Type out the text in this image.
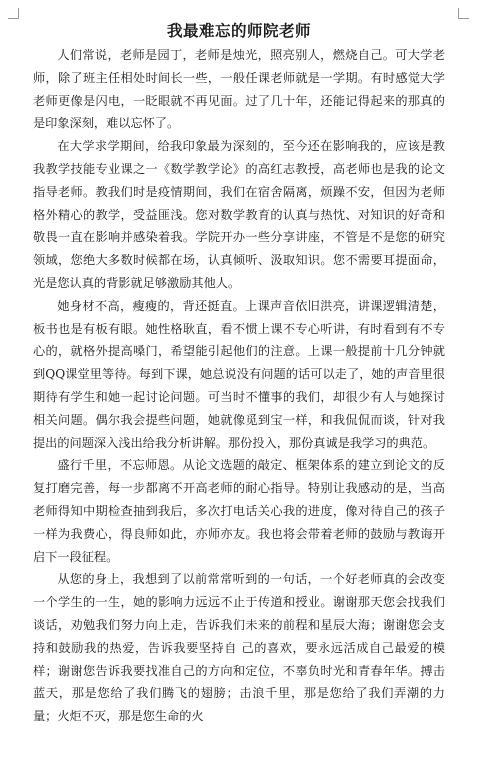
我最难忘的师院老师

人们常说，老师是园丁，老师是烛光，照亮别人，燃烧自己。可大学老师，除了班主任相处时间长一些，一般任课老师就是一学期。有时感觉大学老师更像是闪电，一眨眼就不再见面。过了几十年，还能记得起来的那真的是印象深刻，难以忘怀了。

在大学求学期间，给我印象最为深刻的，至今还在影响我的，应该是教我教学技能专业课之一《数学教学论》的高红志教授，高老师也是我的论文指导老师。教我们时是疫情期间，我们在宿舍隔离，烦躁不安，但因为老师格外精心的教学，受益匪浅。您对数学教育的认真与热忱、对知识的好奇和敬畏一直在影响并感染着我。学院开办一些分享讲座，不管是不是您的研究领域，您绝大多数时候都在场，认真倾听、汲取知识。您不需要耳提面命，光是您认真的背影就足够激励其他人。

她身材不高，瘦瘦的，背还挺直。上课声音依旧洪亮，讲课逻辑清楚，板书也是有板有眼。她性格耿直，看不惯上课不专心听讲，有时看到有不专心的，就格外提高嗓门，希望能引起他们的注意。上课一般提前十几分钟就到QQ课堂里等待。每到下课，她总说没有问题的话可以走了，她的声音里很期待有学生和她一起讨论问题。可当时不懂事的我们，却很少有人与她探讨相关问题。偶尔我会提些问题，她就像觅到宝一样，和我侃侃而谈，针对我提出的问题深入浅出给我分析讲解。那份投入，那份真诚是我学习的典范。

盛行千里，不忘师恩。从论文选题的敲定、框架体系的建立到论文的反复打磨完善，每一步都离不开高老师的耐心指导。特别让我感动的是，当高老师得知中期检查抽到我后，多次打电话关心我的进度，像对待自己的孩子一样为我费心，得良师如此，亦师亦友。我也将会带着老师的鼓励与教诲开启下一段征程。

从您的身上，我想到了以前常常听到的一句话，一个好老师真的会改变一个学生的一生，她的影响力远远不止于传道和授业。谢谢那天您会找我们谈话，劝勉我们努力向上走，告诉我们未来的前程和星辰大海；谢谢您会支持和鼓励我的热爱，告诉我要坚持自 己的喜欢，要永远活成自己最爱的模样；谢谢您告诉我要找准自己的方向和定位，不辜负时光和青春年华。搏击蓝天，那是您给了我们腾飞的翅膀；击浪千里，那是您给了我们弄潮的力量；火炬不灭，那是您生命的火
